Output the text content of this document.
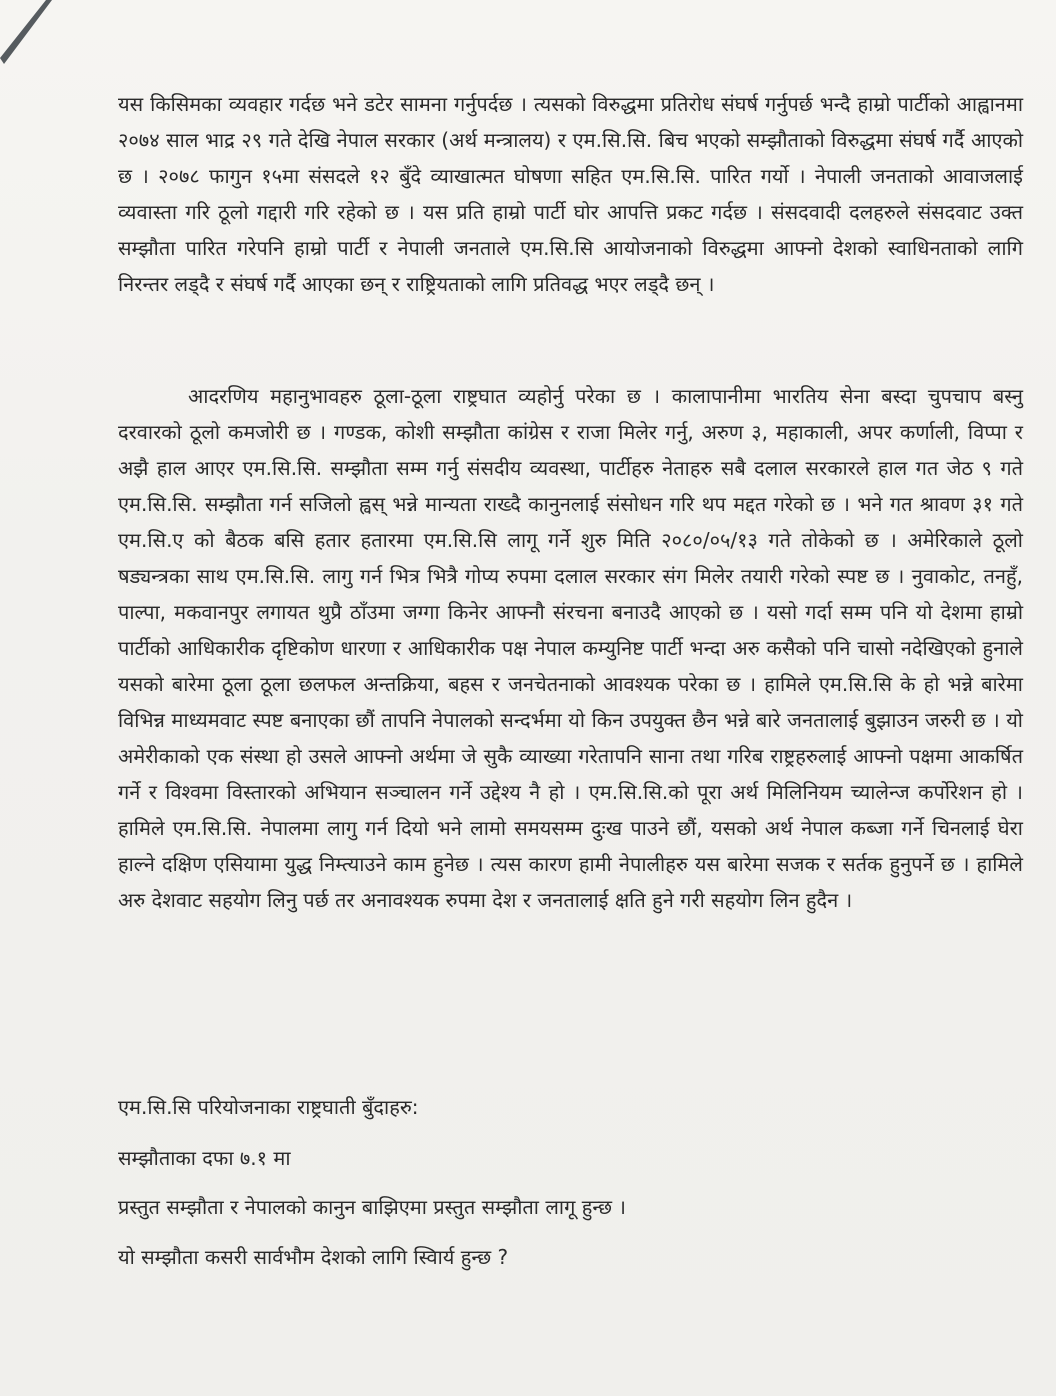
यस किसिमका व्यवहार गर्दछ भने डटेर सामना गर्नुपर्दछ । त्यसको विरुद्धमा प्रतिरोध संघर्ष गर्नुपर्छ भन्दै हाम्रो पार्टीको आह्वानमा २०७४ साल भाद्र २९ गते देखि नेपाल सरकार (अर्थ मन्त्रालय) र एम.सि.सि. बिच भएको सम्झौताको विरुद्धमा संघर्ष गर्दै आएको छ । २०७८ फागुन १५मा संसदले १२ बुँदे व्याखात्मत घोषणा सहित एम.सि.सि. पारित गर्यो । नेपाली जनताको आवाजलाई व्यवास्ता गरि ठूलो गद्दारी गरि रहेको छ । यस प्रति हाम्रो पार्टी घोर आपत्ति प्रकट गर्दछ । संसदवादी दलहरुले संसदवाट उक्त सम्झौता पारित गरेपनि हाम्रो पार्टी र नेपाली जनताले एम.सि.सि आयोजनाको विरुद्धमा आफ्नो देशको स्वाधिनताको लागि निरन्तर लड्दै र संघर्ष गर्दै आएका छन् र राष्ट्रियताको लागि प्रतिवद्ध भएर लड्दै छन् ।

आदरणिय महानुभावहरु ठूला-ठूला राष्ट्रघात व्यहोर्नु परेका छ । कालापानीमा भारतिय सेना बस्दा चुपचाप बस्नु दरवारको ठूलो कमजोरी छ । गण्डक, कोशी सम्झौता कांग्रेस र राजा मिलेर गर्नु, अरुण ३, महाकाली, अपर कर्णाली, विप्पा र अझै हाल आएर एम.सि.सि. सम्झौता सम्म गर्नु संसदीय व्यवस्था, पार्टीहरु नेताहरु सबै दलाल सरकारले हाल गत जेठ ९ गते एम.सि.सि. सम्झौता गर्न सजिलो ह्वस् भन्ने मान्यता राख्दै कानुनलाई संसोधन गरि थप मद्दत गरेको छ । भने गत श्रावण ३१ गते एम.सि.ए को बैठक बसि हतार हतारमा एम.सि.सि लागू गर्ने शुरु मिति २०८०/०५/१३ गते तोकेको छ । अमेरिकाले ठूलो षड्यन्त्रका साथ एम.सि.सि. लागु गर्न भित्र भित्रै गोप्य रुपमा दलाल सरकार संग मिलेर तयारी गरेको स्पष्ट छ । नुवाकोट, तनहुँ, पाल्पा, मकवानपुर लगायत थुप्रै ठाँउमा जग्गा किनेर आफ्नौ संरचना बनाउदै आएको छ । यसो गर्दा सम्म पनि यो देशमा हाम्रो पार्टीको आधिकारीक दृष्टिकोण धारणा र आधिकारीक पक्ष नेपाल कम्युनिष्ट पार्टी भन्दा अरु कसैको पनि चासो नदेखिएको हुनाले यसको बारेमा ठूला ठूला छलफल अन्तक्रिया, बहस र जनचेतनाको आवश्यक परेका छ । हामिले एम.सि.सि के हो भन्ने बारेमा विभिन्न माध्यमवाट स्पष्ट बनाएका छौं तापनि नेपालको सन्दर्भमा यो किन उपयुक्त छैन भन्ने बारे जनतालाई बुझाउन जरुरी छ । यो अमेरीकाको एक संस्था हो उसले आफ्नो अर्थमा जे सुकै व्याख्या गरेतापनि साना तथा गरिब राष्ट्रहरुलाई आफ्नो पक्षमा आकर्षित गर्ने र विश्वमा विस्तारको अभियान सञ्चालन गर्ने उद्देश्य नै हो । एम.सि.सि.को पूरा अर्थ मिलिनियम च्यालेन्ज कर्पोरेशन हो । हामिले एम.सि.सि. नेपालमा लागु गर्न दियो भने लामो समयसम्म दुःख पाउने छौं, यसको अर्थ नेपाल कब्जा गर्ने चिनलाई घेरा हाल्ने दक्षिण एसियामा युद्ध निम्त्याउने काम हुनेछ । त्यस कारण हामी नेपालीहरु यस बारेमा सजक र सर्तक हुनुपर्ने छ । हामिले अरु देशवाट सहयोग लिनु पर्छ तर अनावश्यक रुपमा देश र जनतालाई क्षति हुने गरी सहयोग लिन हुदैन ।

एम.सि.सि परियोजनाका राष्ट्रघाती बुँदाहरु:
सम्झौताका दफा ७.१ मा
प्रस्तुत सम्झौता र नेपालको कानुन बाझिएमा प्रस्तुत सम्झौता लागू हुन्छ ।
यो सम्झौता कसरी सार्वभौम देशको लागि स्विार्य हुन्छ ?
